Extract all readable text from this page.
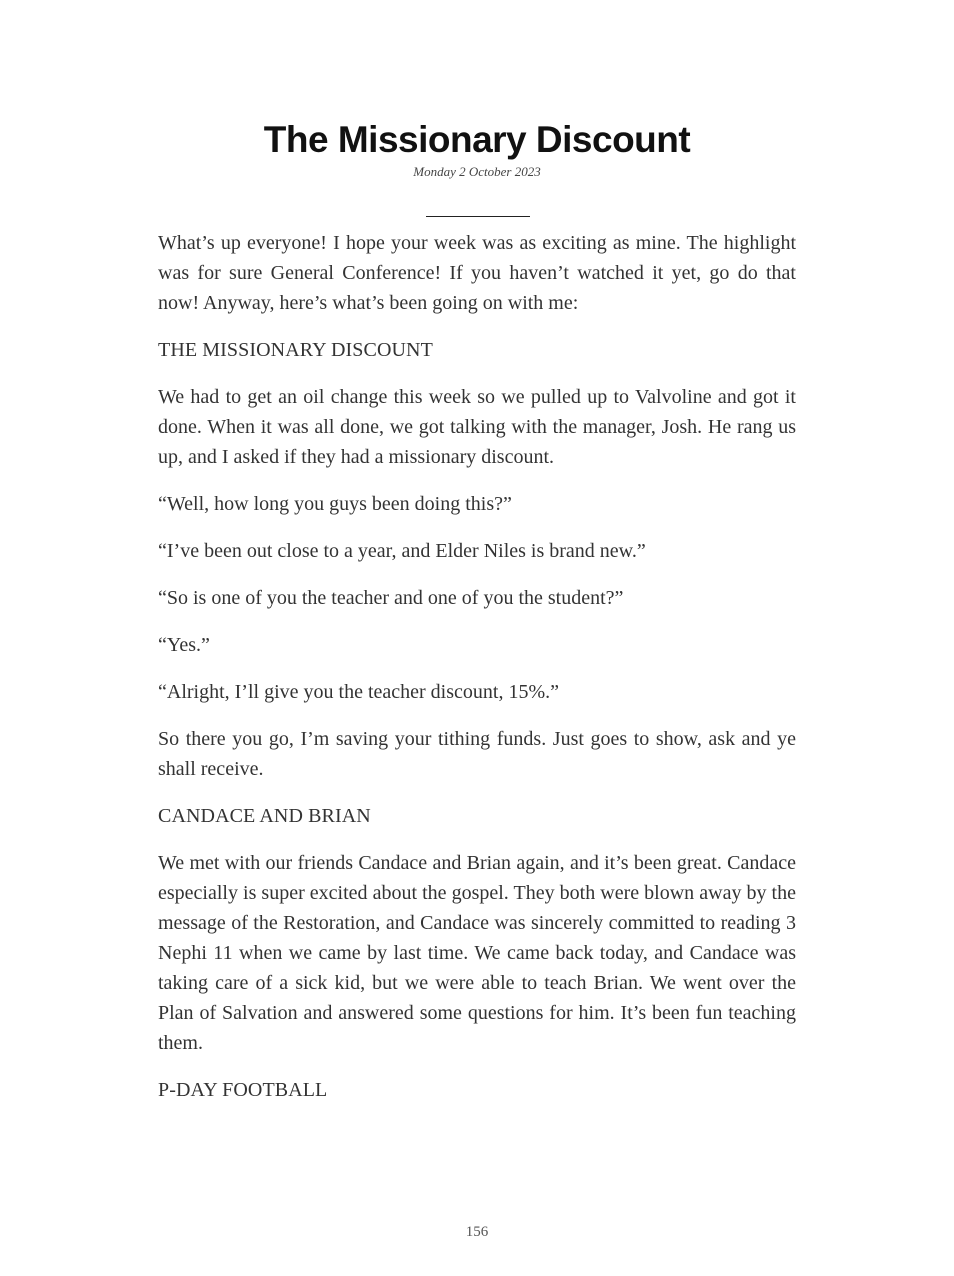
The Missionary Discount
Monday 2 October 2023

What’s up everyone! I hope your week was as exciting as mine. The highlight was for sure General Conference! If you haven’t watched it yet, go do that now! Anyway, here’s what’s been going on with me:

THE MISSIONARY DISCOUNT

We had to get an oil change this week so we pulled up to Valvoline and got it done. When it was all done, we got talking with the manager, Josh. He rang us up, and I asked if they had a missionary discount.

“Well, how long you guys been doing this?”

“I’ve been out close to a year, and Elder Niles is brand new.”

“So is one of you the teacher and one of you the student?”

“Yes.”

“Alright, I’ll give you the teacher discount, 15%.”

So there you go, I’m saving your tithing funds. Just goes to show, ask and ye shall receive.

CANDACE AND BRIAN

We met with our friends Candace and Brian again, and it’s been great. Candace especially is super excited about the gospel. They both were blown away by the message of the Restoration, and Candace was sincerely committed to reading 3 Nephi 11 when we came by last time. We came back today, and Candace was taking care of a sick kid, but we were able to teach Brian. We went over the Plan of Salvation and answered some questions for him. It’s been fun teaching them.

P-DAY FOOTBALL

156
